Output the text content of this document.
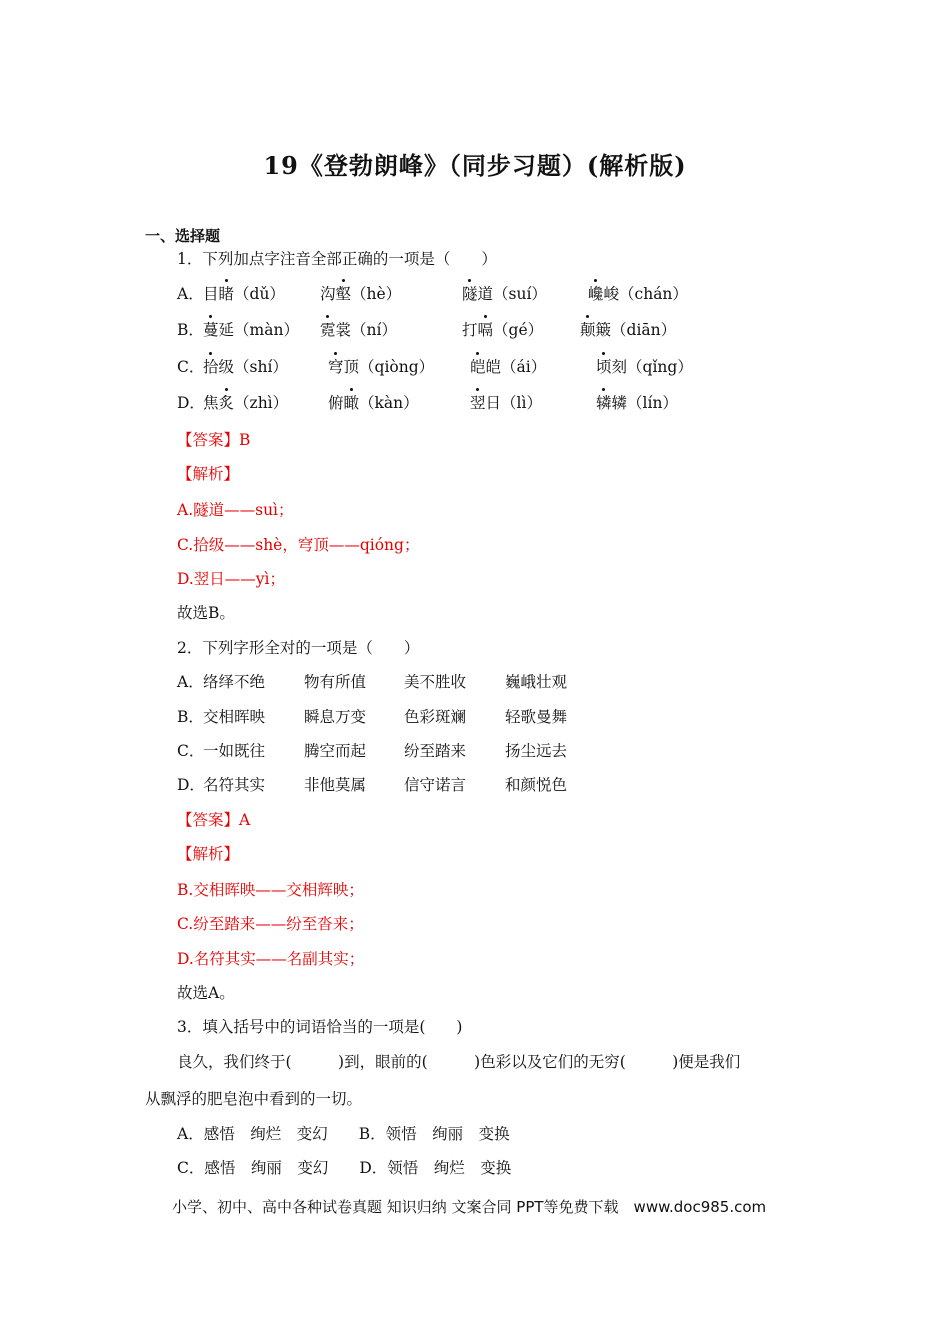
19《登勃朗峰》（同步习题）(解析版)
一、选择题
1．下列加点字注音全部正确的一项是（　　）
A． 目睹（dǔ） 沟壑（hè）	隧道（suí）	巉峻（chán）
B． 蔓延（màn） 霓裳（ní）	打嗝（gé） 颠簸（diān）
C．
拾级（shí）	穹顶（qiòng） 皑皑（ái）	顷刻（qǐng）
D．
焦炙（zhì）	俯瞰（kàn）	翌日（lì）	辚辚（lín）
【答案】B
【解析】
A.隧道——suì；
C.拾级——shè，穹顶——qióng；
D.翌日——yì；
故选B。
2．下列字形全对的一项是（　　）
A． 络绎不绝	物有所值 美不胜收	巍峨壮观
B． 交相晖映	瞬息万变 色彩斑斓	轻歌曼舞
C．
一如既往	腾空而起 纷至踏来	扬尘远去
D．
名符其实	非他莫属 信守诺言	和颜悦色
【答案】A
【解析】
B.交相晖映——交相辉映；
C.纷至踏来——纷至沓来；
D.名符其实——名副其实；
故选A。
3．填入括号中的词语恰当的一项是(　　)
良久，我们终于(　　　)到，眼前的(　　　)色彩以及它们的无穷(　　　)便是我们
从飘浮的肥皂泡中看到的一切。
A．感悟　绚烂　变幻　　B．领悟　绚丽　变换
C．感悟　绚丽　变幻　　D．领悟　绚烂　变换
小学、初中、高中各种试卷真题 知识归纳 文案合同 PPT等免费下载　www.doc985.com
